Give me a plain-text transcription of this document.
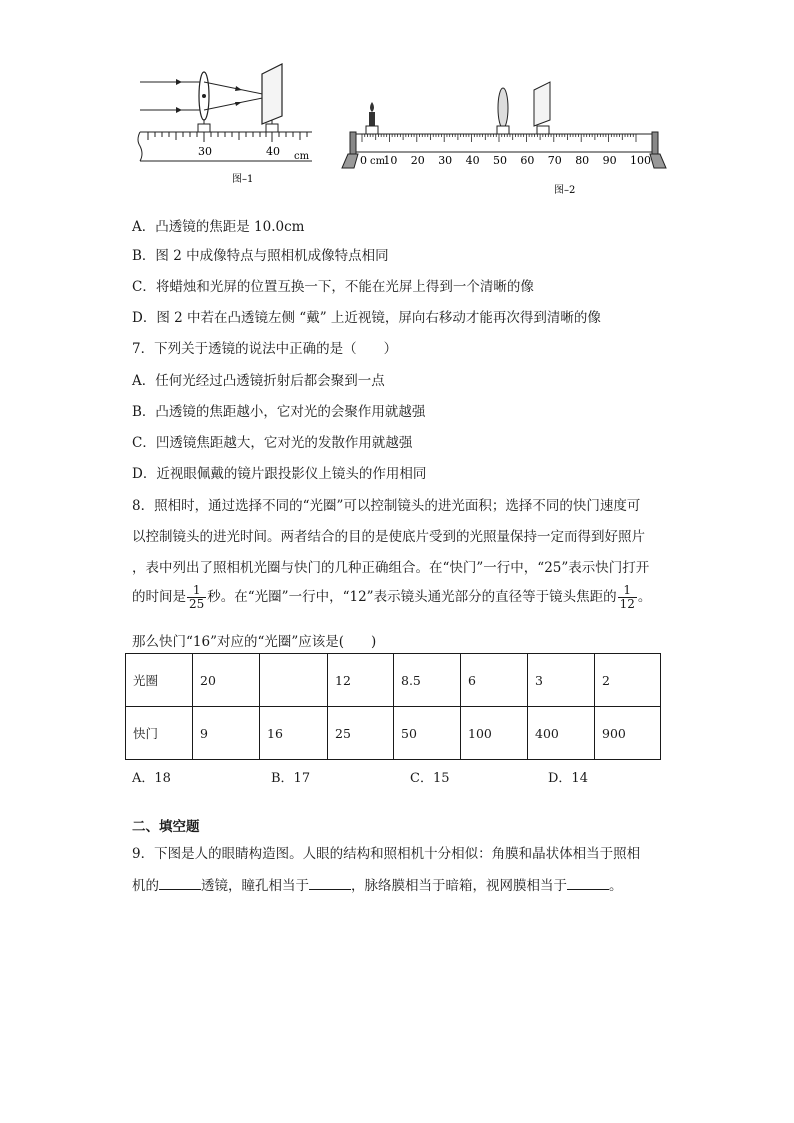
30	40 cm
图–1
0 10 20 30 40 50 60 70 80 90 100
cm
图–2
A．凸透镜的焦距是 10.0cm
B．图 2 中成像特点与照相机成像特点相同
C．将蜡烛和光屏的位置互换一下，不能在光屏上得到一个清晰的像
D．图 2 中若在凸透镜左侧 “戴” 上近视镜，屏向右移动才能再次得到清晰的像
7．下列关于透镜的说法中正确的是（　　）
A．任何光经过凸透镜折射后都会聚到一点
B．凸透镜的焦距越小，它对光的会聚作用就越强
C．凹透镜焦距越大，它对光的发散作用就越强
D．近视眼佩戴的镜片跟投影仪上镜头的作用相同
8．照相时，通过选择不同的“光圈”可以控制镜头的进光面积；选择不同的快门速度可
以控制镜头的进光时间。两者结合的目的是使底片受到的光照量保持一定而得到好照片
，表中列出了照相机光圈与快门的几种正确组合。在“快门”一行中，“25”表示快门打开
的时间是 $\frac{1}{25}$ 秒。在“光圈”一行中，“12”表示镜头通光部分的直径等于镜头焦距的 $\frac{1}{12}$ 。
那么快门“16”对应的“光圈”应该是(　　)
光圈	20		12	8.5	6	3	2
快门	9	16	25	50	100	400	900
A．18	B．17	C．15	D．14
二、填空题
9．下图是人的眼睛构造图。人眼的结构和照相机十分相似：角膜和晶状体相当于照相
机的	透镜，瞳孔相当于	，脉络膜相当于暗箱，视网膜相当于	。
